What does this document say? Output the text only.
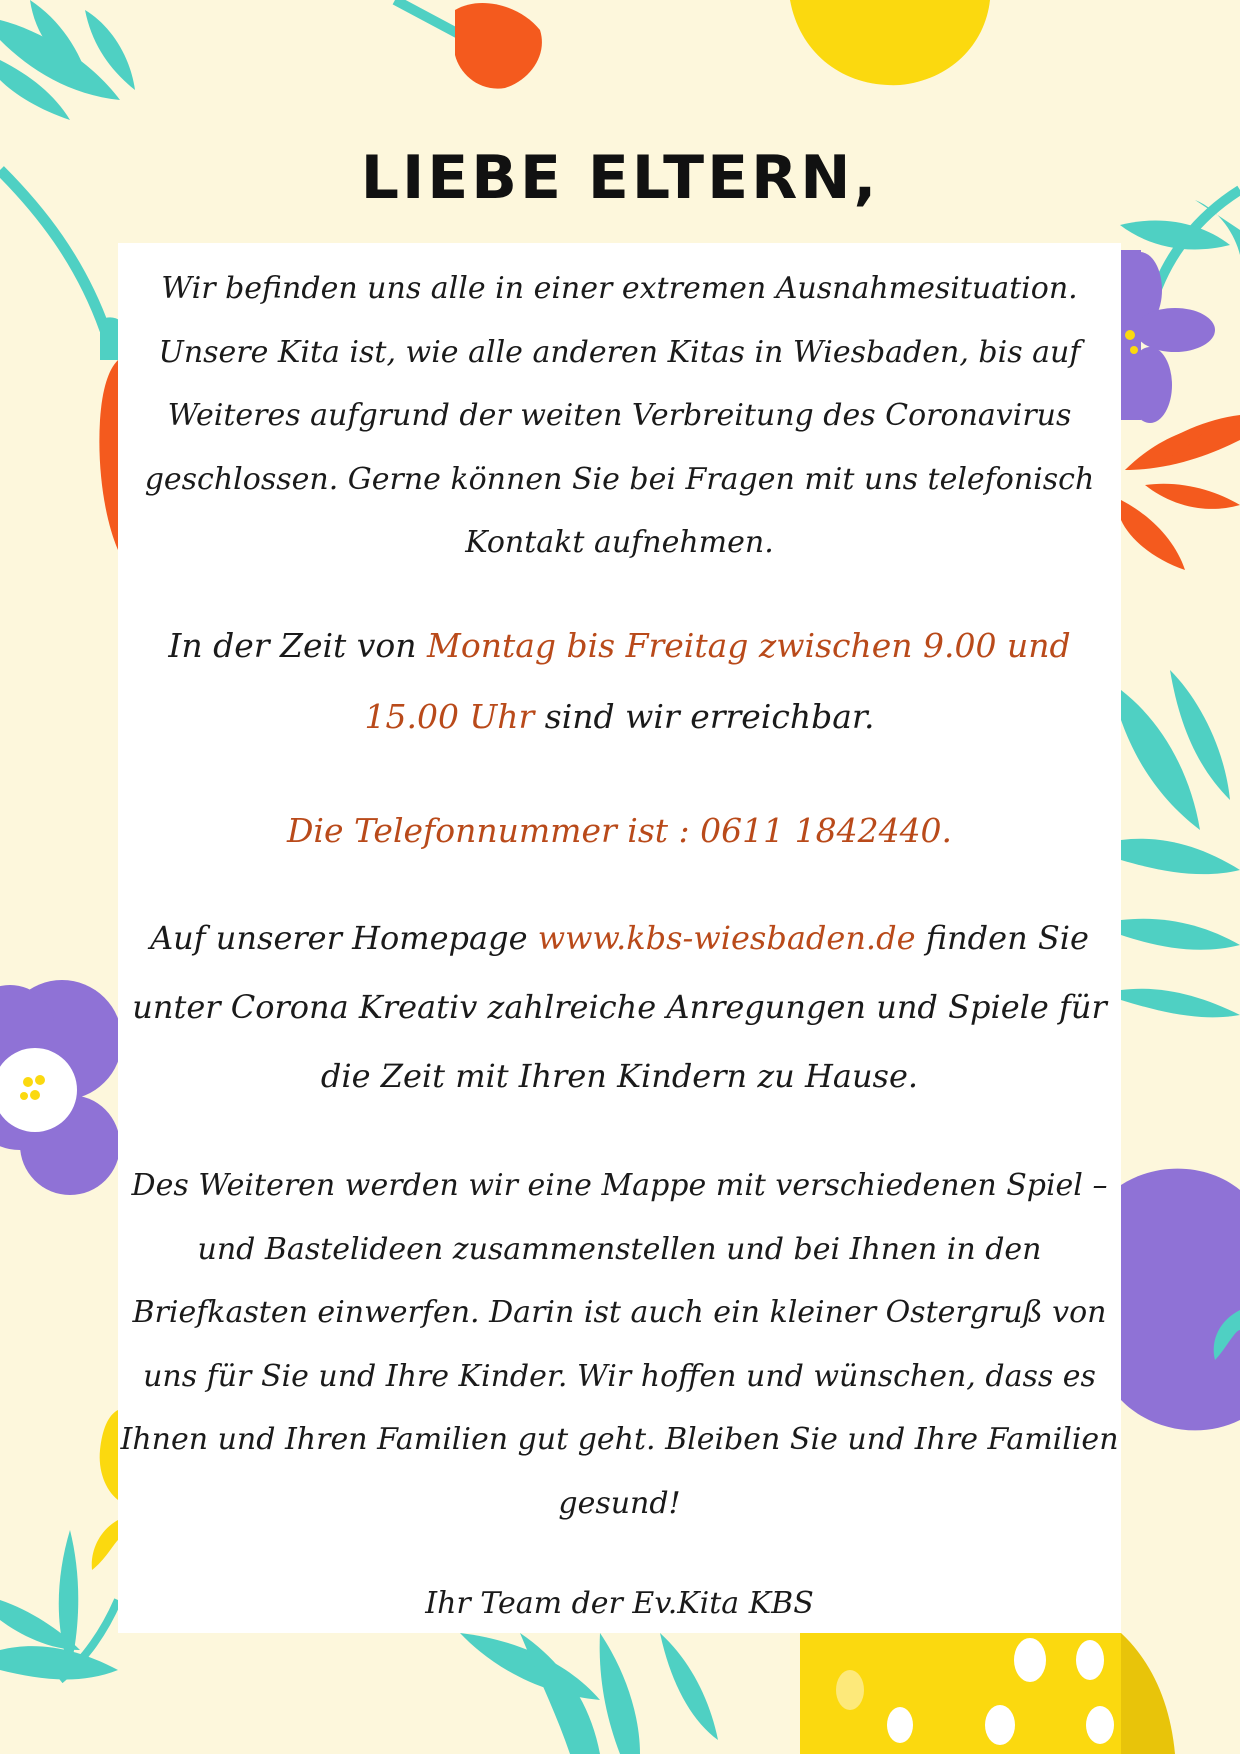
LIEBE ELTERN,

Wir befinden uns alle in einer extremen Ausnahmesituation. Unsere Kita ist, wie alle anderen Kitas in Wiesbaden, bis auf Weiteres aufgrund der weiten Verbreitung des Coronavirus geschlossen. Gerne können Sie bei Fragen mit uns telefonisch Kontakt aufnehmen.

In der Zeit von Montag bis Freitag zwischen 9.00 und 15.00 Uhr sind wir erreichbar.

Die Telefonnummer ist : 0611 1842440.

Auf unserer Homepage www.kbs-wiesbaden.de finden Sie unter Corona Kreativ zahlreiche Anregungen und Spiele für die Zeit mit Ihren Kindern zu Hause.

Des Weiteren werden wir eine Mappe mit verschiedenen Spiel –und Bastelideen zusammenstellen und bei Ihnen in den Briefkasten einwerfen. Darin ist auch ein kleiner Ostergruß von uns für Sie und Ihre Kinder. Wir hoffen und wünschen, dass es Ihnen und Ihren Familien gut geht. Bleiben Sie und Ihre Familien gesund!

Ihr Team der Ev.Kita KBS
